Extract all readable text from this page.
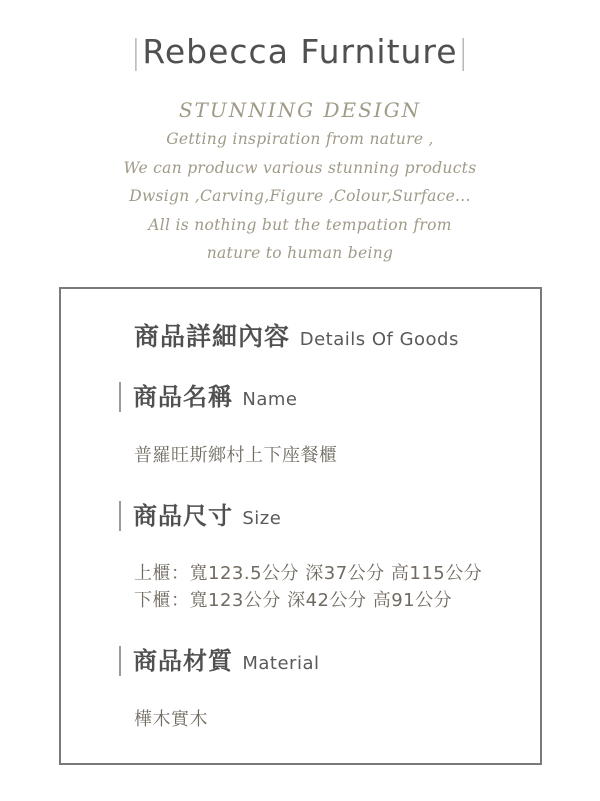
|Rebecca Furniture|
STUNNING DESIGN
Getting inspiration from nature ,
We can producw various stunning products
Dwsign ,Carving,Figure ,Colour,Surface...
All is nothing but the tempation from
nature to human being
商品詳細內容 Details Of Goods
商品名稱 Name
普羅旺斯鄉村上下座餐櫃
商品尺寸 Size
上櫃：寬123.5公分 深37公分 高115公分
下櫃：寬123公分 深42公分 高91公分
商品材質 Material
樺木實木
